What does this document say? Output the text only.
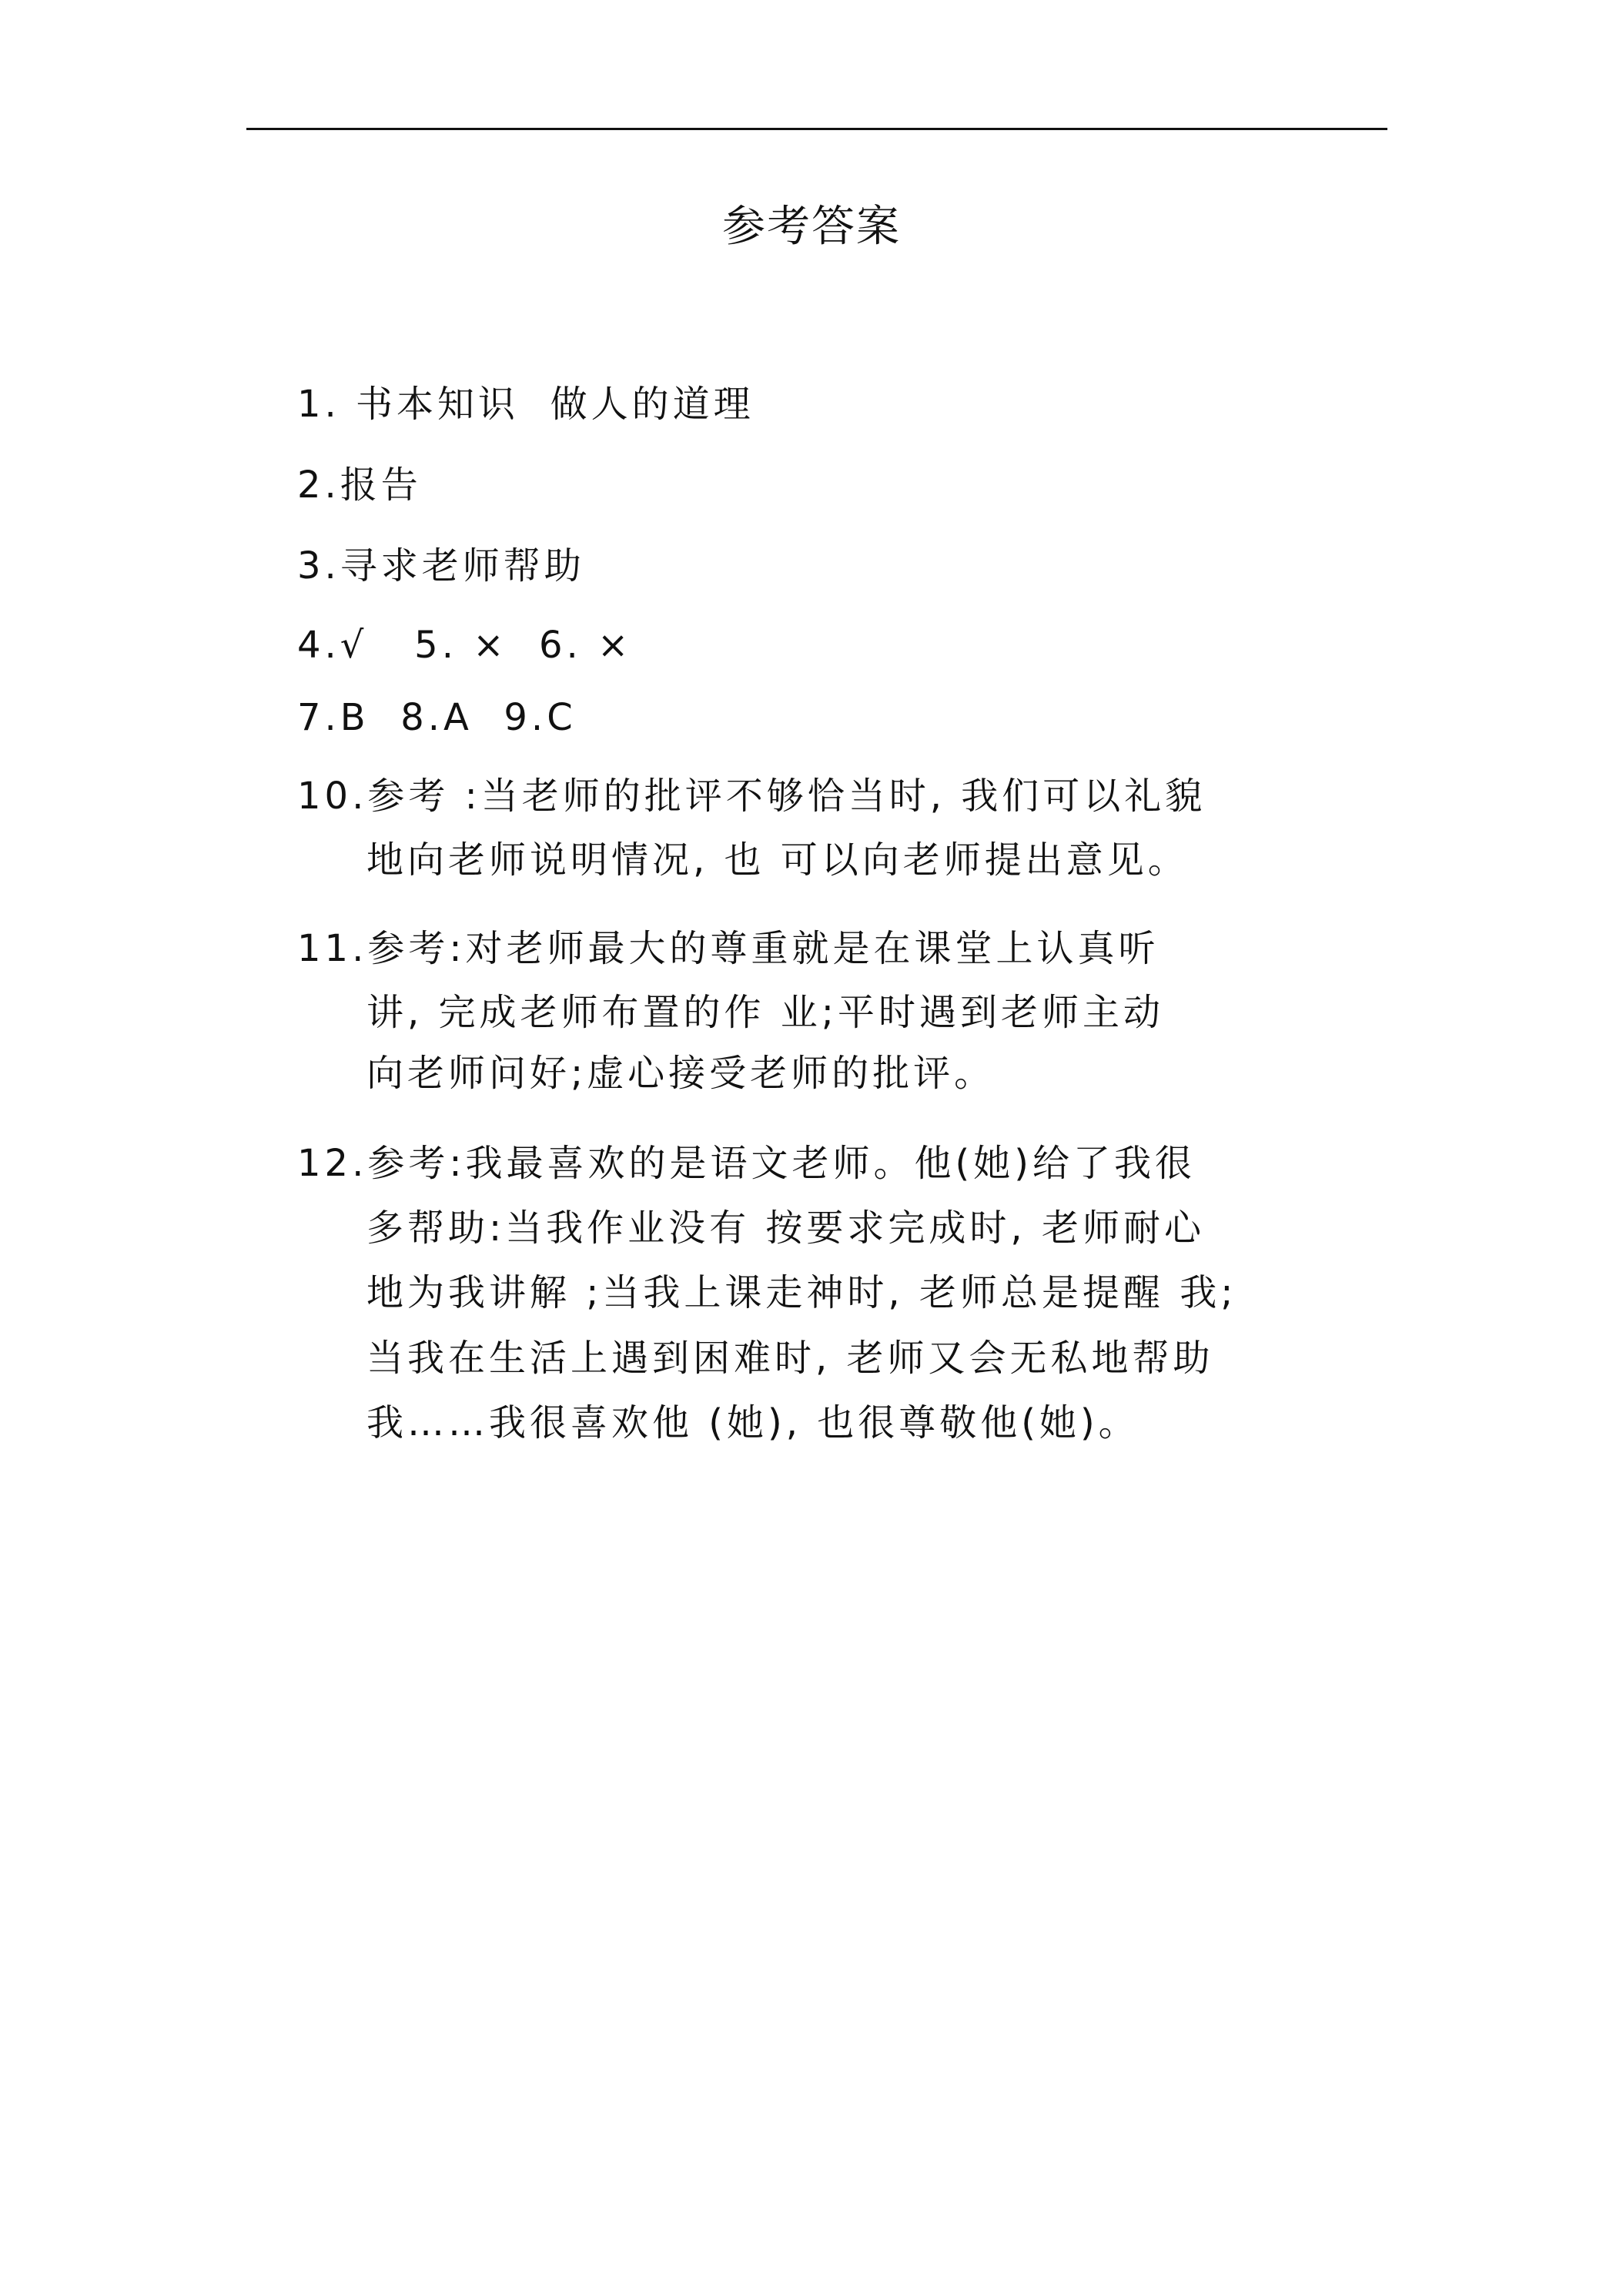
参考答案
1. 书本知识  做人的道理
2.报告
3.寻求老师帮助
4.√   5. ×  6. ×
7.B  8.A  9.C
10.参考 :当老师的批评不够恰当时, 我们可以礼貌
地向老师说明情况, 也 可以向老师提出意见。
11.参考:对老师最大的尊重就是在课堂上认真听
讲, 完成老师布置的作 业;平时遇到老师主动
向老师问好;虚心接受老师的批评。
12.参考:我最喜欢的是语文老师。他(她)给了我很
多帮助:当我作业没有 按要求完成时, 老师耐心
地为我讲解 ;当我上课走神时, 老师总是提醒 我;
当我在生活上遇到困难时, 老师又会无私地帮助
我……我很喜欢他 (她), 也很尊敬他(她)。
